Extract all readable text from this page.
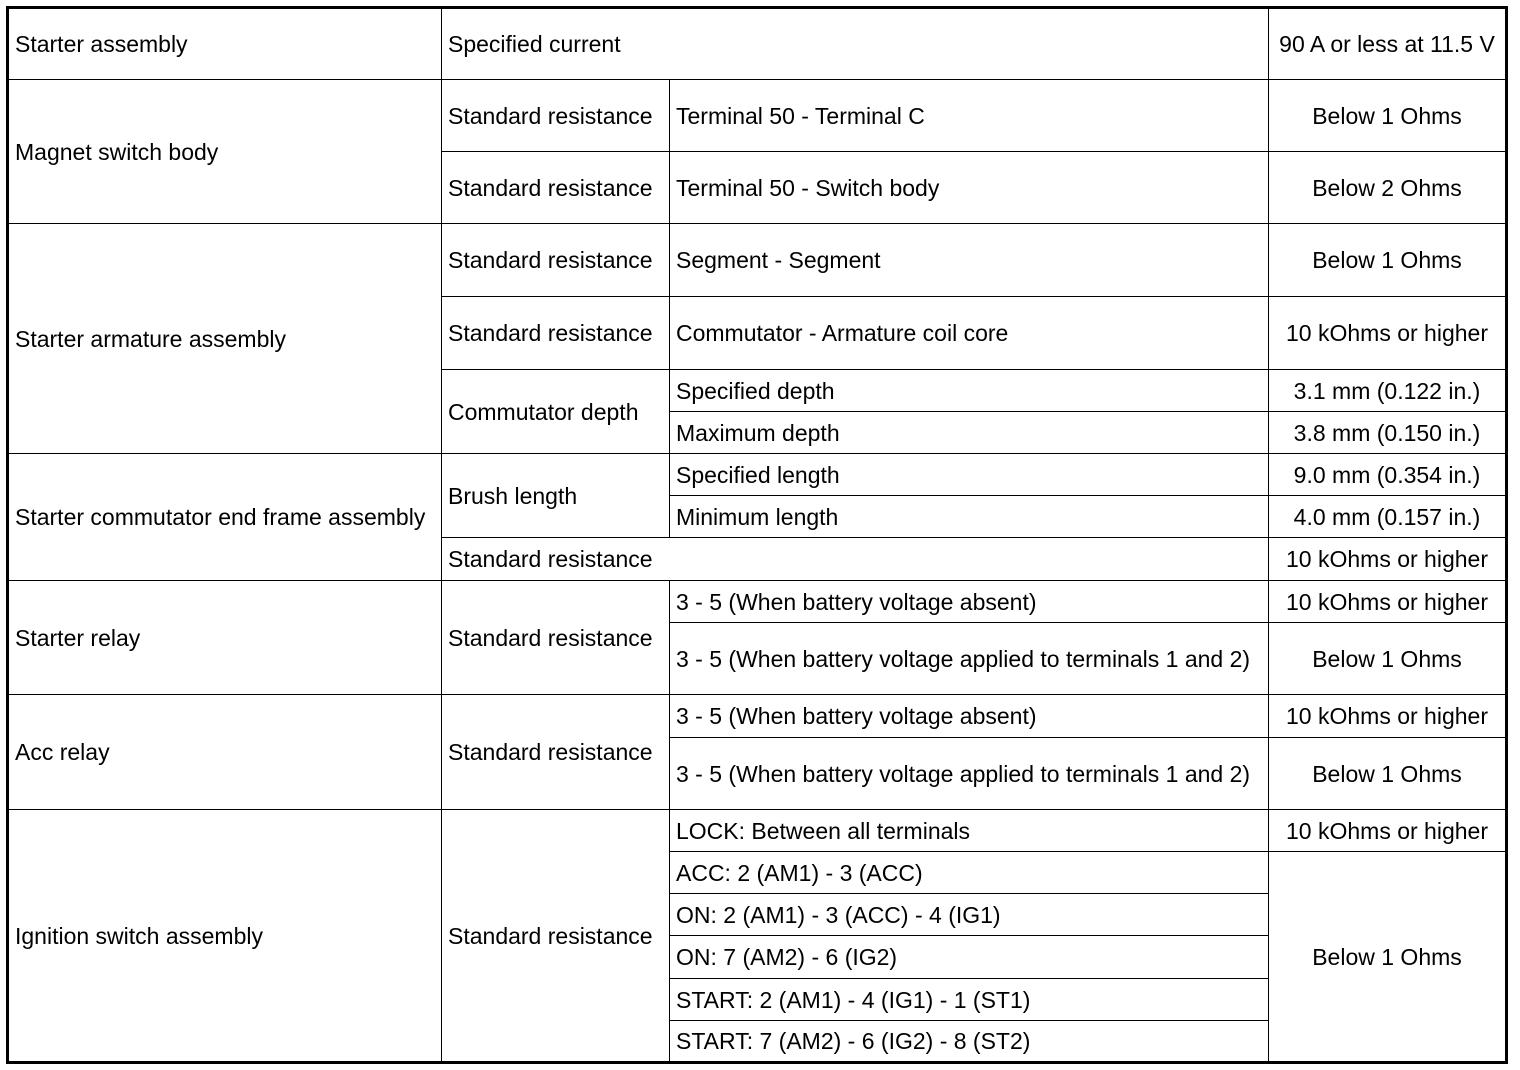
Starter assembly	Specified current		90 A or less at 11.5 V
Magnet switch body	Standard resistance	Terminal 50 - Terminal C	Below 1 Ohms
	Standard resistance	Terminal 50 - Switch body	Below 2 Ohms
Starter armature assembly	Standard resistance	Segment - Segment	Below 1 Ohms
	Standard resistance	Commutator - Armature coil core	10 kOhms or higher
	Commutator depth	Specified depth	3.1 mm (0.122 in.)
		Maximum depth	3.8 mm (0.150 in.)
Starter commutator end frame assembly	Brush length	Specified length	9.0 mm (0.354 in.)
		Minimum length	4.0 mm (0.157 in.)
	Standard resistance		10 kOhms or higher
Starter relay	Standard resistance	3 - 5 (When battery voltage absent)	10 kOhms or higher
		3 - 5 (When battery voltage applied to terminals 1 and 2)	Below 1 Ohms
Acc relay	Standard resistance	3 - 5 (When battery voltage absent)	10 kOhms or higher
		3 - 5 (When battery voltage applied to terminals 1 and 2)	Below 1 Ohms
Ignition switch assembly	Standard resistance	LOCK: Between all terminals	10 kOhms or higher
		ACC: 2 (AM1) - 3 (ACC)	Below 1 Ohms
		ON: 2 (AM1) - 3 (ACC) - 4 (IG1)	
		ON: 7 (AM2) - 6 (IG2)	
		START: 2 (AM1) - 4 (IG1) - 1 (ST1)	
		START: 7 (AM2) - 6 (IG2) - 8 (ST2)	
